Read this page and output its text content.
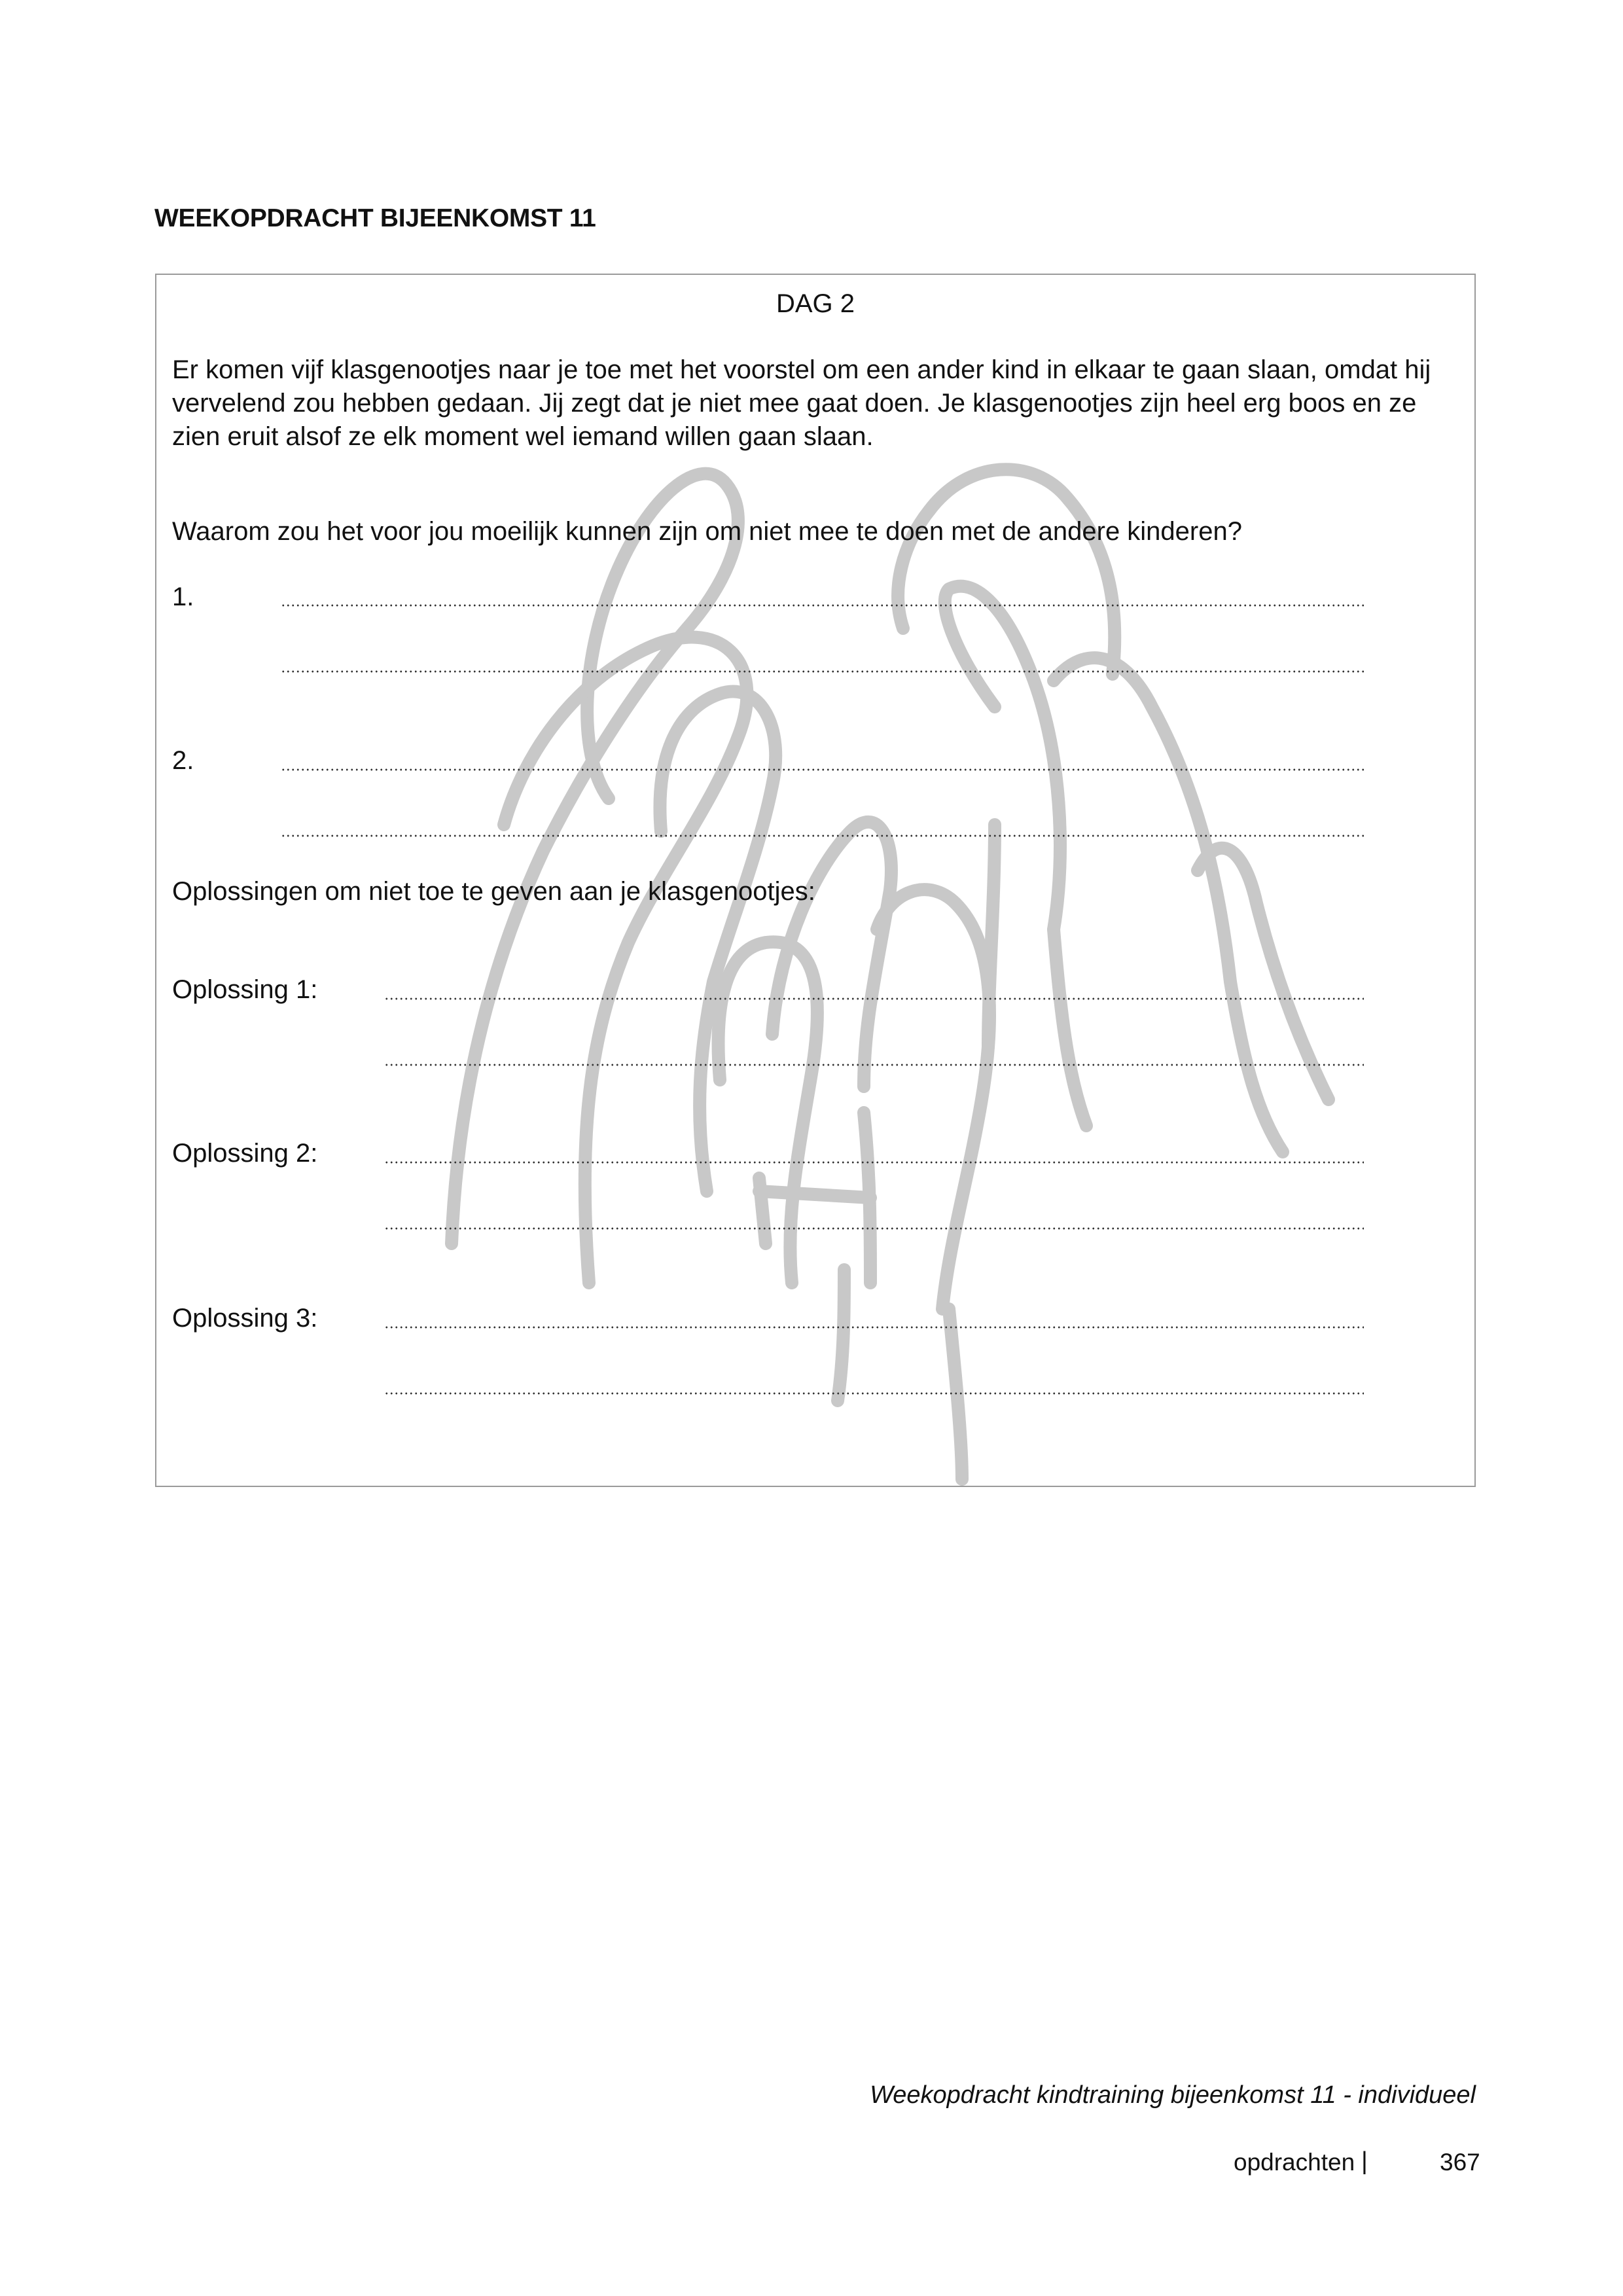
WEEKOPDRACHT BIJEENKOMST 11
DAG 2

Er komen vijf klasgenootjes naar je toe met het voorstel om een ander kind in elkaar te gaan slaan, omdat hij vervelend zou hebben gedaan. Jij zegt dat je niet mee gaat doen. Je klasgenootjes zijn heel erg boos en ze zien eruit alsof ze elk moment wel iemand willen gaan slaan.

Waarom zou het voor jou moeilijk kunnen zijn om niet mee te doen met de andere kinderen?

1.
2.

Oplossingen om niet toe te geven aan je klasgenootjes:

Oplossing 1:
Oplossing 2:
Oplossing 3:

Weekopdracht kindtraining bijeenkomst 11 - individueel

opdrachten |	367
